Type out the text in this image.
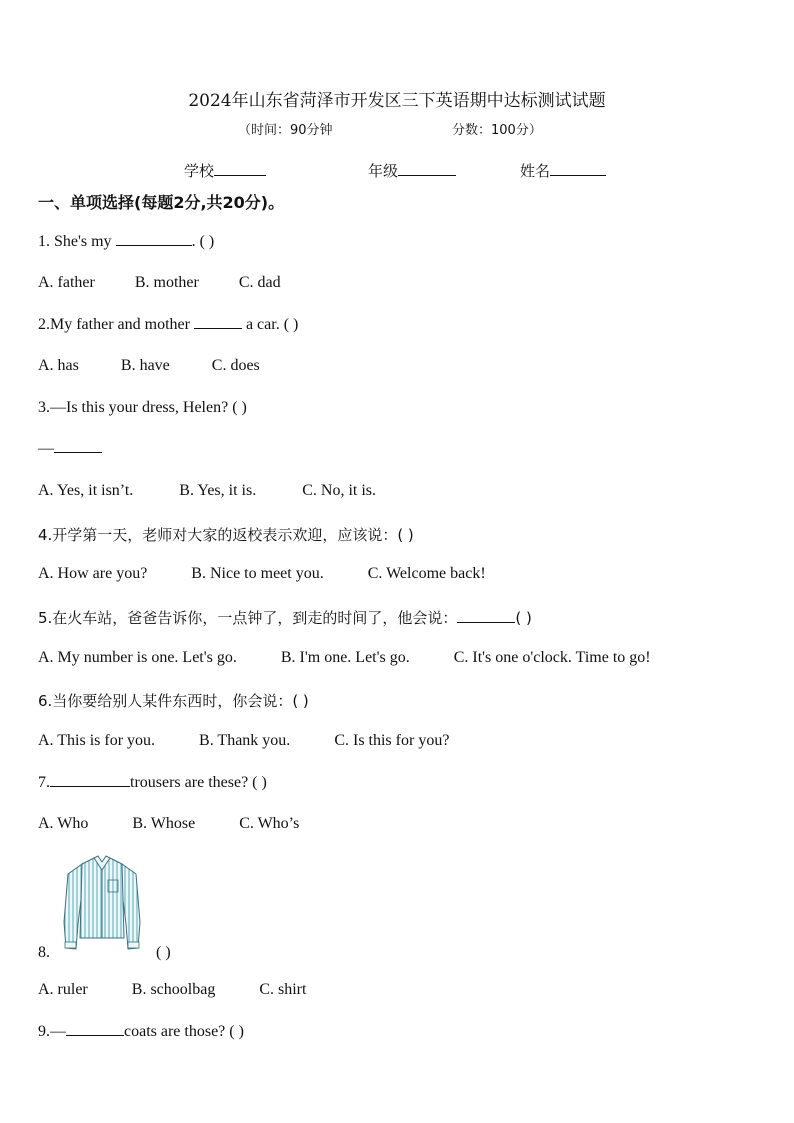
2024年山东省菏泽市开发区三下英语期中达标测试试题
（时间：90分钟	分数：100分）
学校	年级	姓名
一、单项选择(每题2分,共20分)。
1. She's my	. ( )
A. father	B. mother	C. dad
2.My father and mother	a car. ( )
A. has	B. have	C. does
3.—Is this your dress, Helen? ( )
—
A. Yes, it isn’t.	B. Yes, it is.	C. No, it is.
4.开学第一天，老师对大家的返校表示欢迎，应该说：( )
A. How are you?	B. Nice to meet you.	C. Welcome back!
5.在火车站，爸爸告诉你，一点钟了，到走的时间了，他会说：	( )
A. My number is one. Let's go.	B. I'm one. Let's go.	C. It's one o'clock. Time to go!
6.当你要给别人某件东西时，你会说：( )
A. This is for you.	B. Thank you.	C. Is this for you?
7.	trousers are these? ( )
A. Who	B. Whose	C. Who’s
8.	( )
A. ruler	B. schoolbag	C. shirt
9.—	coats are those? ( )
